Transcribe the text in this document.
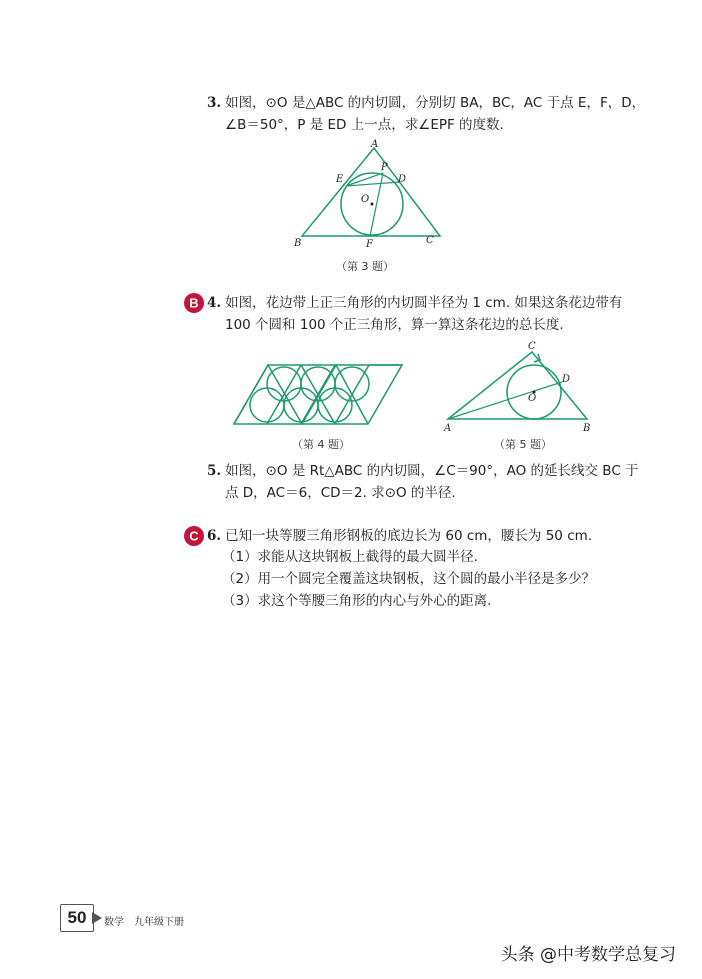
3. 如图，⊙O 是△ABC 的内切圆，分别切 BA，BC，AC 于点 E，F，D，
∠B＝50°，P 是 ED 上一点，求∠EPF 的度数.
A
B	C
E
F
D
P
O
（第 3 题）
B 4. 如图，花边带上正三角形的内切圆半径为 1 cm. 如果这条花边带有
100 个圆和 100 个正三角形，算一算这条花边的总长度.
（第 4 题）
A	B
C
D
O
（第 5 题）
5. 如图，⊙O 是 Rt△ABC 的内切圆，∠C＝90°，AO 的延长线交 BC 于
点 D，AC＝6，CD＝2. 求⊙O 的半径.
C 6. 已知一块等腰三角形钢板的底边长为 60 cm，腰长为 50 cm.
（1）求能从这块钢板上截得的最大圆半径.
（2）用一个圆完全覆盖这块钢板，这个圆的最小半径是多少？
（3）求这个等腰三角形的内心与外心的距离.
50	数学 九年级下册
头条 @中考数学总复习
